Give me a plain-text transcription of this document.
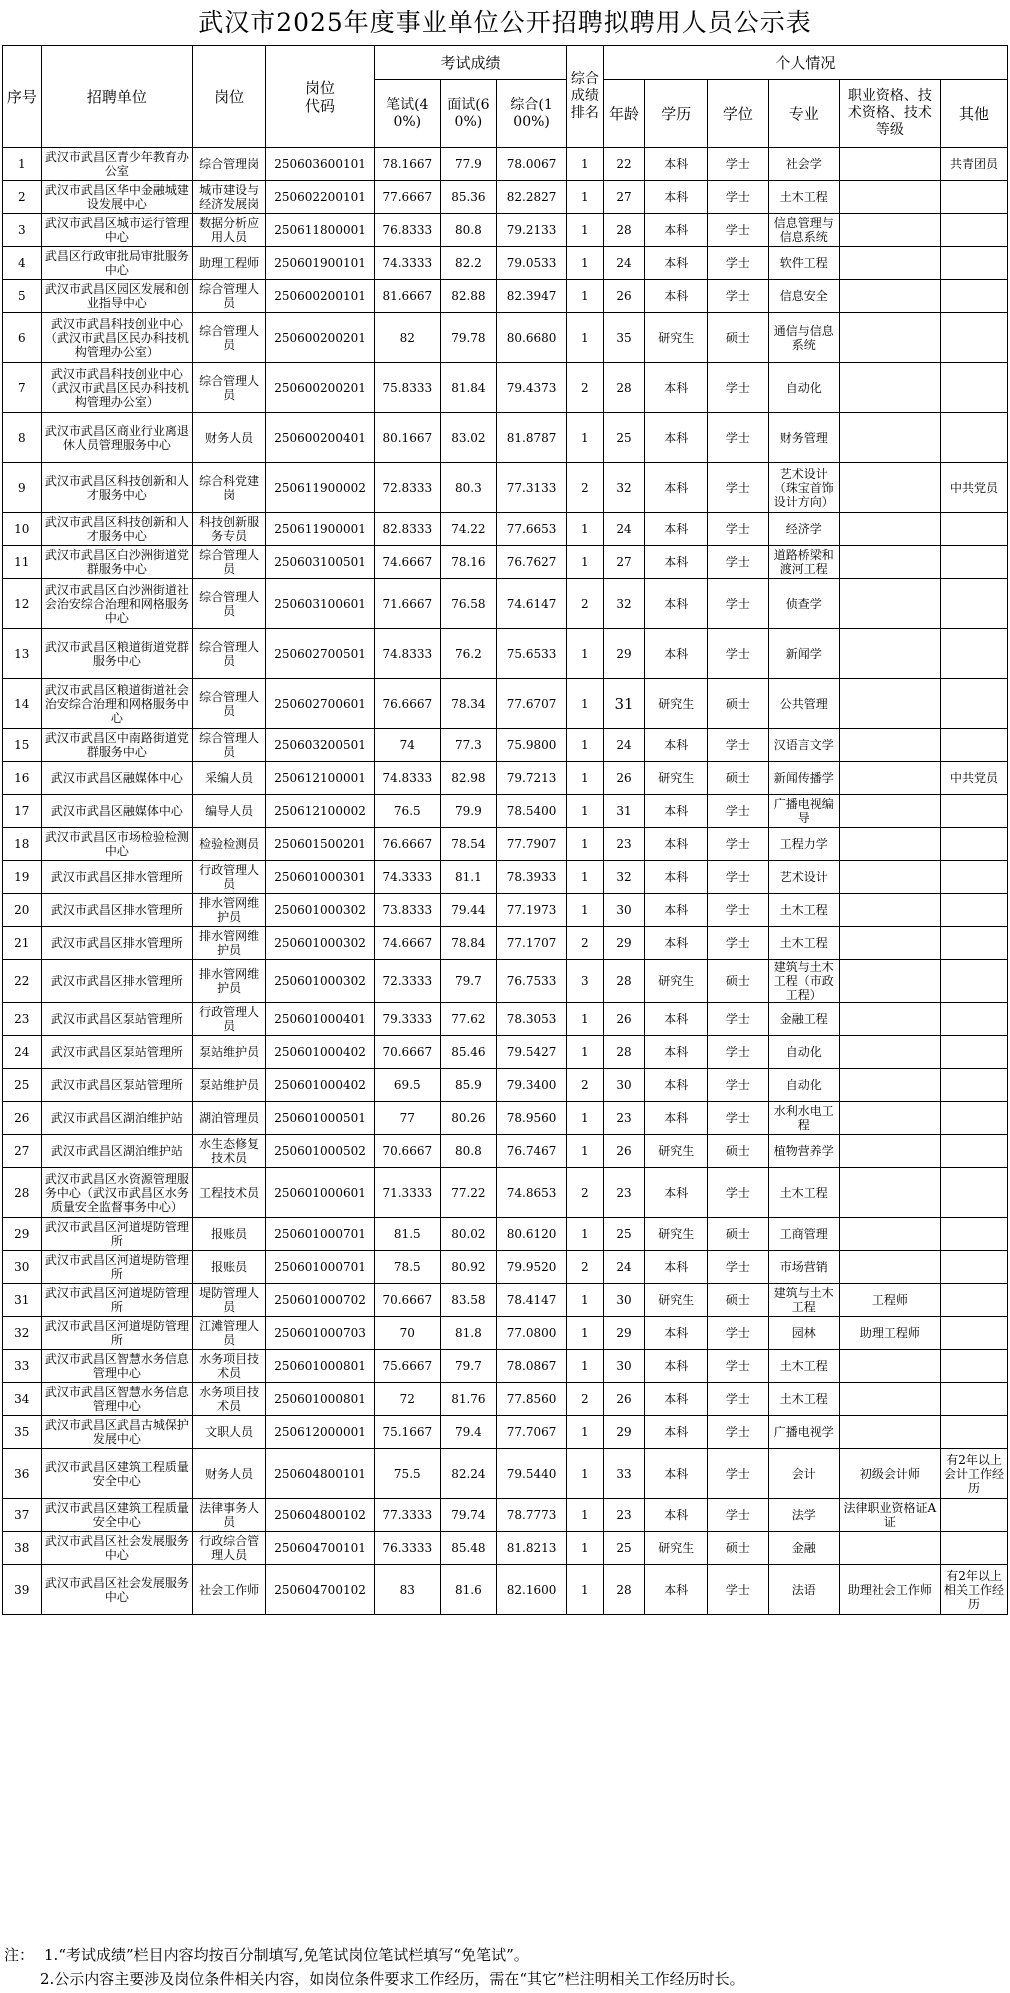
武汉市2025年度事业单位公开招聘拟聘用人员公示表
序号	招聘单位	岗位	岗位代码	考试成绩			综合成绩排名	个人情况					
				笔试(40%)	面试(60%)	综合(100%)		年龄	学历	学位	专业	职业资格、技术资格、技术等级	其他
1	武汉市武昌区青少年教育办公室	综合管理岗	250603600101	78.1667	77.9	78.0067	1	22	本科	学士	社会学		共青团员
2	武汉市武昌区华中金融城建设发展中心	城市建设与经济发展岗	250602200101	77.6667	85.36	82.2827	1	27	本科	学士	土木工程		
3	武汉市武昌区城市运行管理中心	数据分析应用人员	250611800001	76.8333	80.8	79.2133	1	28	本科	学士	信息管理与信息系统		
4	武昌区行政审批局审批服务中心	助理工程师	250601900101	74.3333	82.2	79.0533	1	24	本科	学士	软件工程		
5	武汉市武昌区园区发展和创业指导中心	综合管理人员	250600200101	81.6667	82.88	82.3947	1	26	本科	学士	信息安全		
6	武汉市武昌科技创业中心（武汉市武昌区民办科技机构管理办公室）	综合管理人员	250600200201	82	79.78	80.6680	1	35	研究生	硕士	通信与信息系统		
7	武汉市武昌科技创业中心（武汉市武昌区民办科技机构管理办公室）	综合管理人员	250600200201	75.8333	81.84	79.4373	2	28	本科	学士	自动化		
8	武汉市武昌区商业行业离退休人员管理服务中心	财务人员	250600200401	80.1667	83.02	81.8787	1	25	本科	学士	财务管理		
9	武汉市武昌区科技创新和人才服务中心	综合科党建岗	250611900002	72.8333	80.3	77.3133	2	32	本科	学士	艺术设计（珠宝首饰设计方向）		中共党员
10	武汉市武昌区科技创新和人才服务中心	科技创新服务专员	250611900001	82.8333	74.22	77.6653	1	24	本科	学士	经济学		
11	武汉市武昌区白沙洲街道党群服务中心	综合管理人员	250603100501	74.6667	78.16	76.7627	1	27	本科	学士	道路桥梁和渡河工程		
12	武汉市武昌区白沙洲街道社会治安综合治理和网格服务中心	综合管理人员	250603100601	71.6667	76.58	74.6147	2	32	本科	学士	侦查学		
13	武汉市武昌区粮道街道党群服务中心	综合管理人员	250602700501	74.8333	76.2	75.6533	1	29	本科	学士	新闻学		
14	武汉市武昌区粮道街道社会治安综合治理和网格服务中心	综合管理人员	250602700601	76.6667	78.34	77.6707	1	31	研究生	硕士	公共管理		
15	武汉市武昌区中南路街道党群服务中心	综合管理人员	250603200501	74	77.3	75.9800	1	24	本科	学士	汉语言文学		
16	武汉市武昌区融媒体中心	采编人员	250612100001	74.8333	82.98	79.7213	1	26	研究生	硕士	新闻传播学		中共党员
17	武汉市武昌区融媒体中心	编导人员	250612100002	76.5	79.9	78.5400	1	31	本科	学士	广播电视编导		
18	武汉市武昌区市场检验检测中心	检验检测员	250601500201	76.6667	78.54	77.7907	1	23	本科	学士	工程力学		
19	武汉市武昌区排水管理所	行政管理人员	250601000301	74.3333	81.1	78.3933	1	32	本科	学士	艺术设计		
20	武汉市武昌区排水管理所	排水管网维护员	250601000302	73.8333	79.44	77.1973	1	30	本科	学士	土木工程		
21	武汉市武昌区排水管理所	排水管网维护员	250601000302	74.6667	78.84	77.1707	2	29	本科	学士	土木工程		
22	武汉市武昌区排水管理所	排水管网维护员	250601000302	72.3333	79.7	76.7533	3	28	研究生	硕士	建筑与土木工程（市政工程）		
23	武汉市武昌区泵站管理所	行政管理人员	250601000401	79.3333	77.62	78.3053	1	26	本科	学士	金融工程		
24	武汉市武昌区泵站管理所	泵站维护员	250601000402	70.6667	85.46	79.5427	1	28	本科	学士	自动化		
25	武汉市武昌区泵站管理所	泵站维护员	250601000402	69.5	85.9	79.3400	2	30	本科	学士	自动化		
26	武汉市武昌区湖泊维护站	湖泊管理员	250601000501	77	80.26	78.9560	1	23	本科	学士	水利水电工程		
27	武汉市武昌区湖泊维护站	水生态修复技术员	250601000502	70.6667	80.8	76.7467	1	26	研究生	硕士	植物营养学		
28	武汉市武昌区水资源管理服务中心（武汉市武昌区水务质量安全监督事务中心）	工程技术员	250601000601	71.3333	77.22	74.8653	2	23	本科	学士	土木工程		
29	武汉市武昌区河道堤防管理所	报账员	250601000701	81.5	80.02	80.6120	1	25	研究生	硕士	工商管理		
30	武汉市武昌区河道堤防管理所	报账员	250601000701	78.5	80.92	79.9520	2	24	本科	学士	市场营销		
31	武汉市武昌区河道堤防管理所	堤防管理人员	250601000702	70.6667	83.58	78.4147	1	30	研究生	硕士	建筑与土木工程	工程师	
32	武汉市武昌区河道堤防管理所	江滩管理人员	250601000703	70	81.8	77.0800	1	29	本科	学士	园林	助理工程师	
33	武汉市武昌区智慧水务信息管理中心	水务项目技术员	250601000801	75.6667	79.7	78.0867	1	30	本科	学士	土木工程		
34	武汉市武昌区智慧水务信息管理中心	水务项目技术员	250601000801	72	81.76	77.8560	2	26	本科	学士	土木工程		
35	武汉市武昌区武昌古城保护发展中心	文职人员	250612000001	75.1667	79.4	77.7067	1	29	本科	学士	广播电视学		
36	武汉市武昌区建筑工程质量安全中心	财务人员	250604800101	75.5	82.24	79.5440	1	33	本科	学士	会计	初级会计师	有2年以上会计工作经历
37	武汉市武昌区建筑工程质量安全中心	法律事务人员	250604800102	77.3333	79.74	78.7773	1	23	本科	学士	法学	法律职业资格证A证	
38	武汉市武昌区社会发展服务中心	行政综合管理人员	250604700101	76.3333	85.48	81.8213	1	25	研究生	硕士	金融		
39	武汉市武昌区社会发展服务中心	社会工作师	250604700102	83	81.6	82.1600	1	28	本科	学士	法语	助理社会工作师	有2年以上相关工作经历
注： 1.“考试成绩”栏目内容均按百分制填写,免笔试岗位笔试栏填写“免笔试”。
2.公示内容主要涉及岗位条件相关内容，如岗位条件要求工作经历，需在“其它”栏注明相关工作经历时长。
